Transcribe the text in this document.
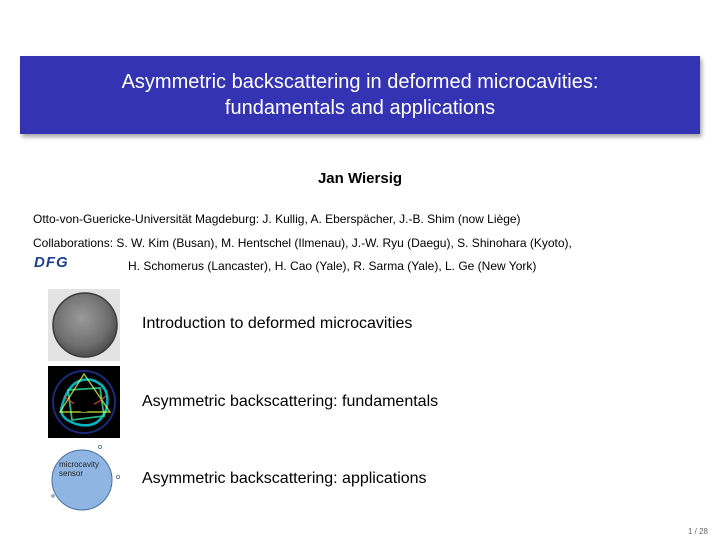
Asymmetric backscattering in deformed microcavities:
fundamentals and applications
Jan Wiersig
Otto-von-Guericke-Universität Magdeburg: J. Kullig, A. Eberspächer, J.-B. Shim (now Liège)
Collaborations: S. W. Kim (Busan), M. Hentschel (Ilmenau), J.-W. Ryu (Daegu), S. Shinohara (Kyoto),
DFG	H. Schomerus (Lancaster), H. Cao (Yale), R. Sarma (Yale), L. Ge (New York)
microcavity sensor
Introduction to deformed microcavities
Asymmetric backscattering: fundamentals
Asymmetric backscattering: applications
1 / 28
